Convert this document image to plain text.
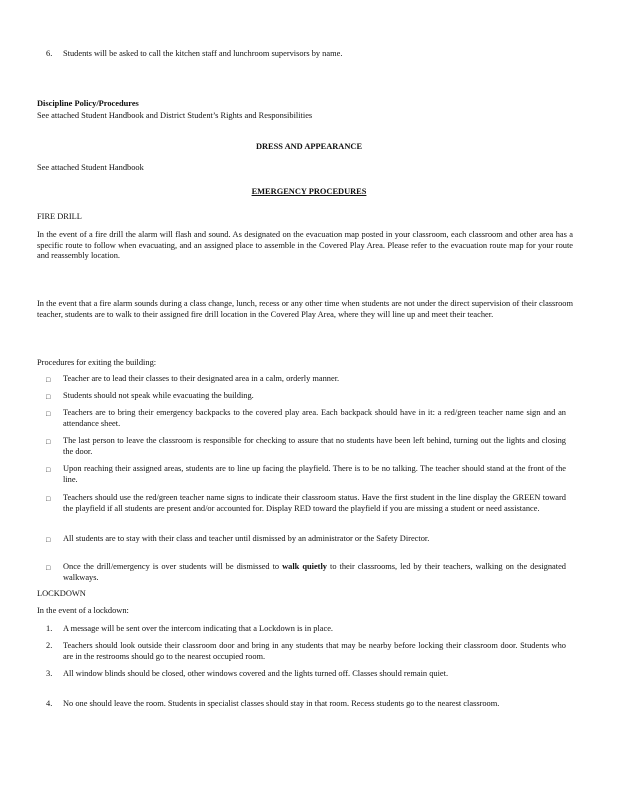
6. Students will be asked to call the kitchen staff and lunchroom supervisors by name.
Discipline Policy/Procedures
See attached Student Handbook and District Student’s Rights and Responsibilities
DRESS AND APPEARANCE
See attached Student Handbook
EMERGENCY PROCEDURES
FIRE DRILL
In the event of a fire drill the alarm will flash and sound. As designated on the evacuation map posted in your classroom, each classroom and other area has a specific route to follow when evacuating, and an assigned place to assemble in the Covered Play Area. Please refer to the evacuation route map for your route and reassembly location.
In the event that a fire alarm sounds during a class change, lunch, recess or any other time when students are not under the direct supervision of their classroom teacher, students are to walk to their assigned fire drill location in the Covered Play Area, where they will line up and meet their teacher.
Procedures for exiting the building:
□ Teacher are to lead their classes to their designated area in a calm, orderly manner.
□ Students should not speak while evacuating the building.
□ Teachers are to bring their emergency backpacks to the covered play area. Each backpack should have in it: a red/green teacher name sign and an attendance sheet.
□ The last person to leave the classroom is responsible for checking to assure that no students have been left behind, turning out the lights and closing the door.
□ Upon reaching their assigned areas, students are to line up facing the playfield. There is to be no talking. The teacher should stand at the front of the line.
□ Teachers should use the red/green teacher name signs to indicate their classroom status. Have the first student in the line display the GREEN toward the playfield if all students are present and/or accounted for. Display RED toward the playfield if you are missing a student or need assistance.
□ All students are to stay with their class and teacher until dismissed by an administrator or the Safety Director.
□ Once the drill/emergency is over students will be dismissed to walk quietly to their classrooms, led by their teachers, walking on the designated walkways.
LOCKDOWN
In the event of a lockdown:
1. A message will be sent over the intercom indicating that a Lockdown is in place.
2. Teachers should look outside their classroom door and bring in any students that may be nearby before locking their classroom door. Students who are in the restrooms should go to the nearest occupied room.
3. All window blinds should be closed, other windows covered and the lights turned off. Classes should remain quiet.
4. No one should leave the room. Students in specialist classes should stay in that room. Recess students go to the nearest classroom.
